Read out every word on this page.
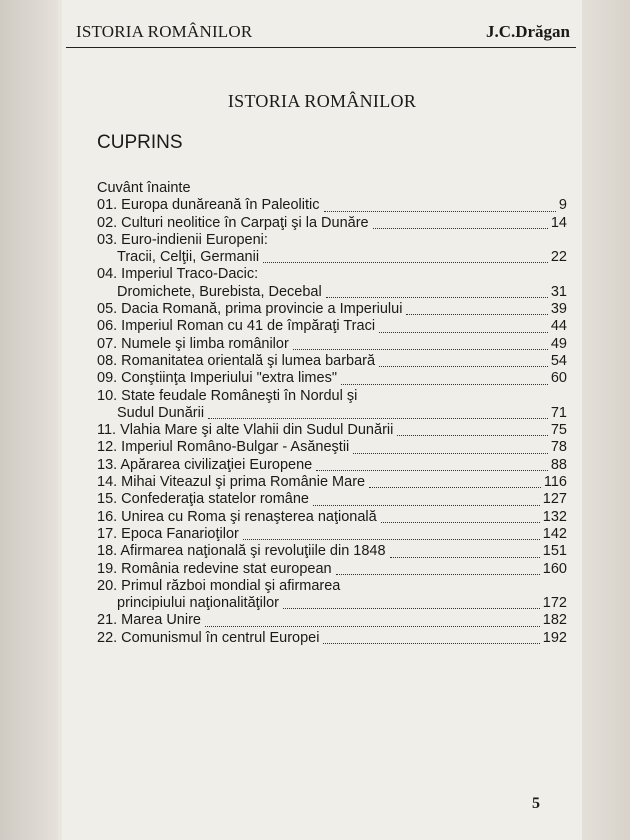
ISTORIA ROMÂNILOR	J.C.Drăgan
ISTORIA ROMÂNILOR
CUPRINS
Cuvânt înainte
01. Europa dunăreană în Paleolitic	9
02. Culturi neolitice în Carpaţi şi la Dunăre	14
03. Euro-indienii Europeni:
Tracii, Celţii, Germanii	22
04. Imperiul Traco-Dacic:
Dromichete, Burebista, Decebal	31
05. Dacia Romană, prima provincie a Imperiului	39
06. Imperiul Roman cu 41 de împăraţi Traci	44
07. Numele şi limba românilor	49
08. Romanitatea orientală şi lumea barbară	54
09. Conştiinţa Imperiului "extra limes"	60
10. State feudale Româneşti în Nordul şi
Sudul Dunării	71
11. Vlahia Mare şi alte Vlahii din Sudul Dunării	75
12. Imperiul Româno-Bulgar - Asăneştii	78
13. Apărarea civilizaţiei Europene	88
14. Mihai Viteazul şi prima Românie Mare	116
15. Confederaţia statelor române	127
16. Unirea cu Roma şi renaşterea naţională	132
17. Epoca Fanarioţilor	142
18. Afirmarea naţională şi revoluţiile din 1848	151
19. România redevine stat european	160
20. Primul război mondial şi afirmarea
principiului naţionalităţilor	172
21. Marea Unire	182
22. Comunismul în centrul Europei	192
5
